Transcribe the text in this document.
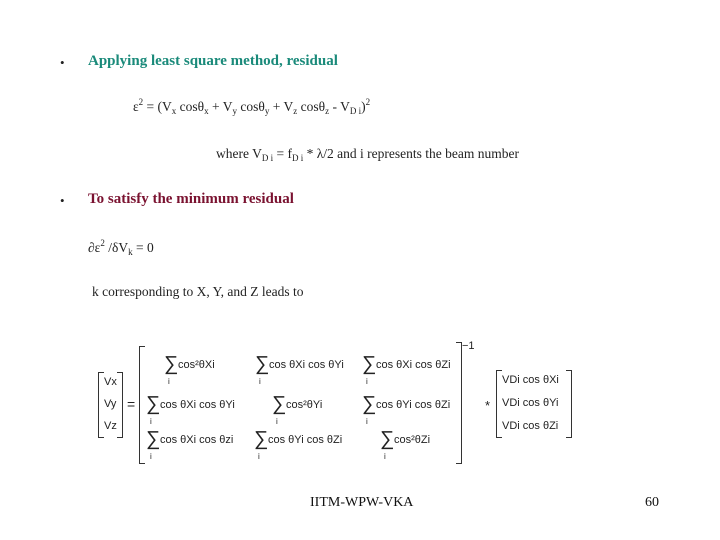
• Applying least square method, residual
$\varepsilon^2 = (V_x$ $\cos\theta_x + V_y$ $\cos\theta_y + V_z$ $\cos\theta_z - V_{D i})^2$
where $V_{D i} = f_{D i} * \lambda/2$ and i represents the beam number
• To satisfy the minimum residual
$\partial\varepsilon^2$ $/\delta V_k = 0$
k corresponding to X, Y, and Z leads to
Vx
Vy
Vz
=
−1
∑
i
cos²θXi ∑
i
cos θXi cos θYi ∑
i
cos θXi cos θZi
∑
i
cos θXi cos θYi ∑
i
cos²θYi ∑
i
cos θYi cos θZi
∑
i
cos θXi cos θzi ∑
i
cos θYi cos θZi ∑
i
cos²θZi
*
VDi cos θXi
VDi cos θYi
VDi cos θZi
IITM-WPW-VKA	60
